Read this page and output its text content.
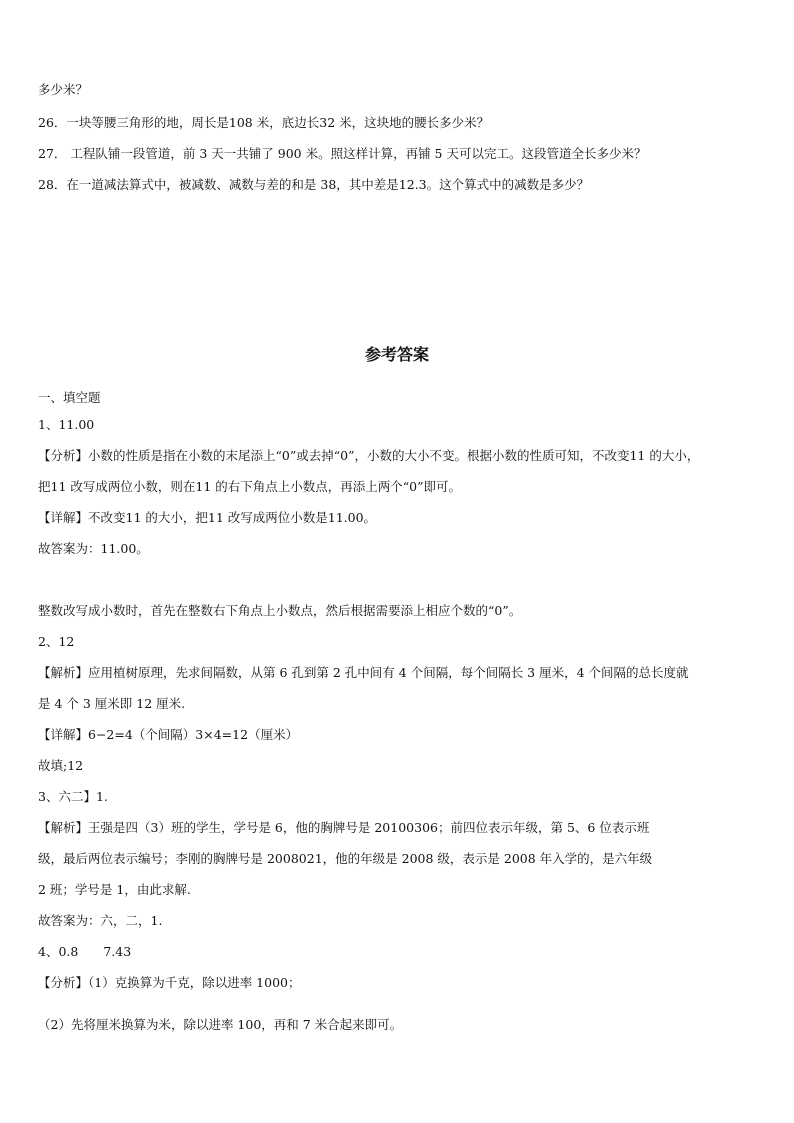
多少米？
26．一块等腰三角形的地，周长是108 米，底边长32 米，这块地的腰长多少米？
27． 工程队铺一段管道，前 3 天一共铺了 900 米。照这样计算，再铺 5 天可以完工。这段管道全长多少米？
28．在一道减法算式中，被减数、减数与差的和是 38，其中差是12.3。这个算式中的减数是多少？
参考答案
一、填空题
1、11.00
【分析】小数的性质是指在小数的末尾添上“0”或去掉“0”，小数的大小不变。根据小数的性质可知，不改变11 的大小，
把11 改写成两位小数，则在11 的右下角点上小数点，再添上两个“0”即可。
【详解】不改变11 的大小，把11 改写成两位小数是11.00。
故答案为：11.00。
整数改写成小数时，首先在整数右下角点上小数点，然后根据需要添上相应个数的“0”。
2、12
【解析】应用植树原理，先求间隔数，从第 6 孔到第 2 孔中间有 4 个间隔，每个间隔长 3 厘米，4 个间隔的总长度就
是 4 个 3 厘米即 12 厘米.
【详解】6−2=4（个间隔）3×4=12（厘米）
故填;12
3、六二】1.
【解析】王强是四（3）班的学生，学号是 6，他的胸牌号是 20100306；前四位表示年级，第 5、6 位表示班
级，最后两位表示编号；李刚的胸牌号是 2008021，他的年级是 2008 级，表示是 2008 年入学的，是六年级
2 班；学号是 1，由此求解.
故答案为：六，二，1.
4、0.8　　7.43
【分析】（1）克换算为千克，除以进率 1000；
（2）先将厘米换算为米，除以进率 100，再和 7 米合起来即可。
